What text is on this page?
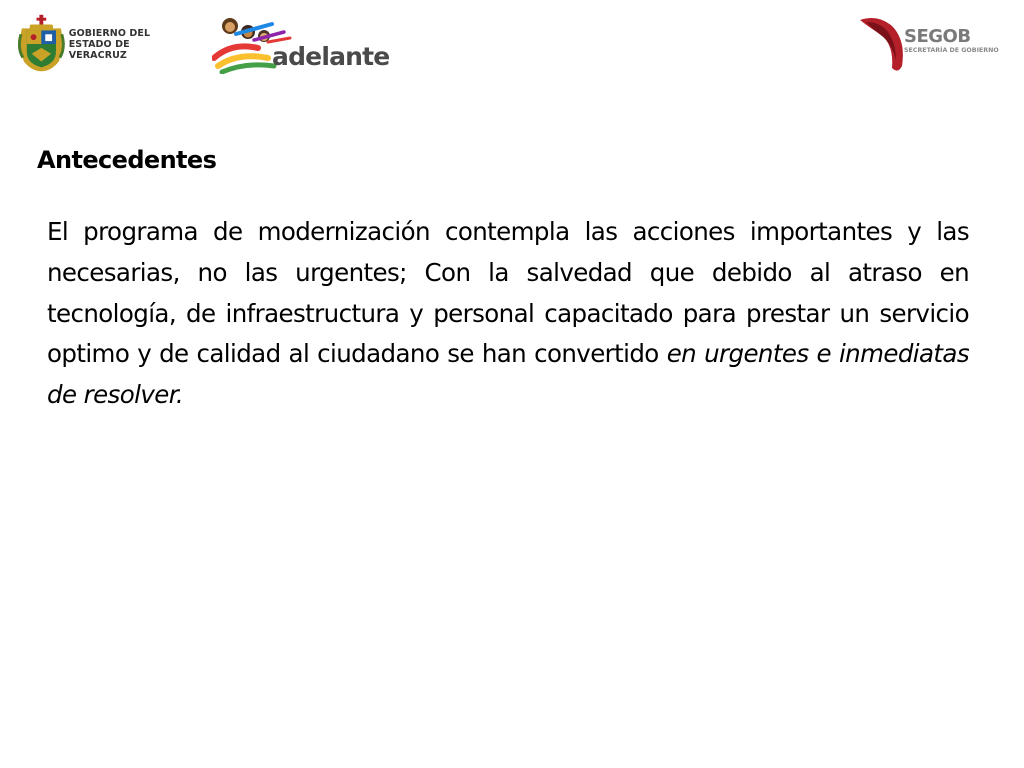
GOBIERNO DEL
ESTADO DE VERACRUZ	adelante
SEGOB
SECRETARÍA DE GOBIERNO
Antecedentes

El programa de modernización contempla las acciones importantes y las necesarias, no las urgentes; Con la salvedad que debido al atraso en tecnología, de infraestructura y personal capacitado para prestar un servicio optimo y de calidad al ciudadano se han convertido en urgentes e inmediatas de resolver.
